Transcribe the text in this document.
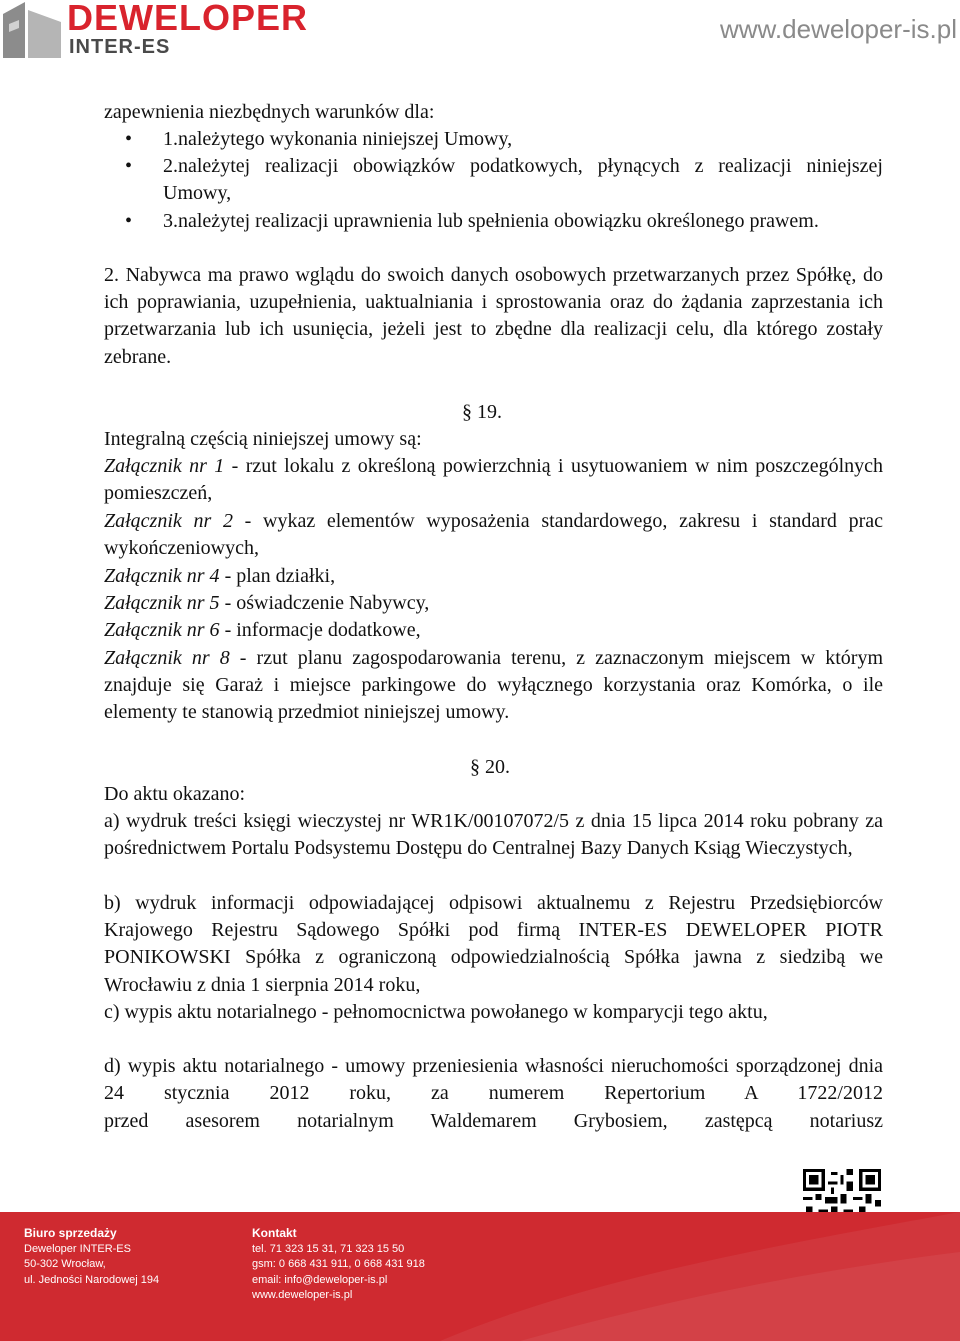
DEWELOPER
INTER-ES
www.deweloper-is.pl
zapewnienia niezbędnych warunków dla:
• 1.należytego wykonania niniejszej Umowy,
• 2.należytej realizacji obowiązków podatkowych, płynących z realizacji niniejszej Umowy,
• 3.należytej realizacji uprawnienia lub spełnienia obowiązku określonego prawem.

2. Nabywca ma prawo wglądu do swoich danych osobowych przetwarzanych przez Spółkę, do ich poprawiania, uzupełnienia, uaktualniania i sprostowania oraz do żądania zaprzestania ich przetwarzania lub ich usunięcia, jeżeli jest to zbędne dla realizacji celu, dla którego zostały zebrane.

§ 19.
Integralną częścią niniejszej umowy są:

Załącznik nr 1 - rzut lokalu z określoną powierzchnią i usytuowaniem w nim poszczególnych pomieszczeń,

Załącznik nr 2 - wykaz elementów wyposażenia standardowego, zakresu i standard prac wykończeniowych,

Załącznik nr 4 - plan działki,

Załącznik nr 5 - oświadczenie Nabywcy,

Załącznik nr 6 - informacje dodatkowe,

Załącznik nr 8 - rzut planu zagospodarowania terenu, z zaznaczonym miejscem w którym znajduje się Garaż i miejsce parkingowe do wyłącznego korzystania oraz Komórka, o ile elementy te stanowią przedmiot niniejszej umowy.

§ 20.
Do aktu okazano:

a) wydruk treści księgi wieczystej nr WR1K/00107072/5 z dnia 15 lipca 2014 roku pobrany za pośrednictwem Portalu Podsystemu Dostępu do Centralnej Bazy Danych Ksiąg Wieczystych,

b) wydruk informacji odpowiadającej odpisowi aktualnemu z Rejestru Przedsiębiorców Krajowego Rejestru Sądowego Spółki pod firmą INTER-ES DEWELOPER PIOTR PONIKOWSKI Spółka z ograniczoną odpowiedzialnością Spółka jawna z siedzibą we Wrocławiu z dnia 1 sierpnia 2014 roku,

c) wypis aktu notarialnego - pełnomocnictwa powołanego w komparycji tego aktu,

d) wypis aktu notarialnego - umowy przeniesienia własności nieruchomości sporządzonej dnia 24 stycznia 2012 roku, za numerem Repertorium A 1722/2012

przed asesorem notarialnym Waldemarem Grybosiem, zastępcą notariusz

Biuro sprzedaży
Deweloper INTER-ES
50-302 Wrocław,
ul. Jedności Narodowej 194
Kontakt
tel. 71 323 15 31, 71 323 15 50
gsm: 0 668 431 911, 0 668 431 918
email: info@deweloper-is.pl
www.deweloper-is.pl
